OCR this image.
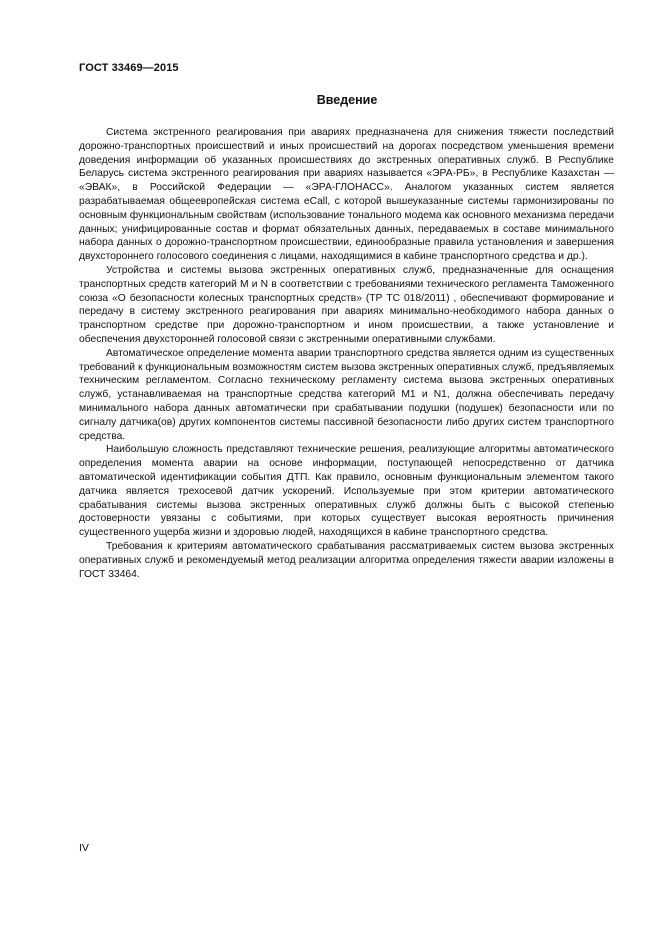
ГОСТ 33469—2015
Введение

Система экстренного реагирования при авариях предназначена для снижения тяжести последствий дорожно-транспортных происшествий и иных происшествий на дорогах посредством уменьшения времени доведения информации об указанных происшествиях до экстренных оперативных служб. В Республике Беларусь система экстренного реагирования при авариях называется «ЭРА-РБ», в Республике Казахстан — «ЭВАК», в Российской Федерации — «ЭРА-ГЛОНАСС». Аналогом указанных систем является разрабатываемая общеевропейская система eCall, с которой вышеуказанные системы гармонизированы по основным функциональным свойствам (использование тонального модема как основного механизма передачи данных; унифицированные состав и формат обязательных данных, передаваемых в составе минимального набора данных о дорожно-транспортном происшествии, единообразные правила установления и завершения двухстороннего голосового соединения с лицами, находящимися в кабине транспортного средства и др.).

Устройства и системы вызова экстренных оперативных служб, предназначенные для оснащения транспортных средств категорий М и N в соответствии с требованиями технического регламента Таможенного союза «О безопасности колесных транспортных средств» (ТР ТС 018/2011) , обеспечивают формирование и передачу в систему экстренного реагирования при авариях минимально-необходимого набора данных о транспортном средстве при дорожно-транспортном и ином происшествии, а также установление и обеспечения двухсторонней голосовой связи с экстренными оперативными службами.

Автоматическое определение момента аварии транспортного средства является одним из существенных требований к функциональным возможностям систем вызова экстренных оперативных служб, предъявляемых техническим регламентом. Согласно техническому регламенту система вызова экстренных оперативных служб, устанавливаемая на транспортные средства категорий M1 и N1, должна обеспечивать передачу минимального набора данных автоматически при срабатывании подушки (подушек) безопасности или по сигналу датчика(ов) других компонентов системы пассивной безопасности либо других систем транспортного средства.

Наибольшую сложность представляют технические решения, реализующие алгоритмы автоматического определения момента аварии на основе информации, поступающей непосредственно от датчика автоматической идентификации события ДТП. Как правило, основным функциональным элементом такого датчика является трехосевой датчик ускорений. Используемые при этом критерии автоматического срабатывания системы вызова экстренных оперативных служб должны быть с высокой степенью достоверности увязаны с событиями, при которых существует высокая вероятность причинения существенного ущерба жизни и здоровью людей, находящихся в кабине транспортного средства.

Требования к критериям автоматического срабатывания рассматриваемых систем вызова экстренных оперативных служб и рекомендуемый метод реализации алгоритма определения тяжести аварии изложены в ГОСТ 33464.

IV
